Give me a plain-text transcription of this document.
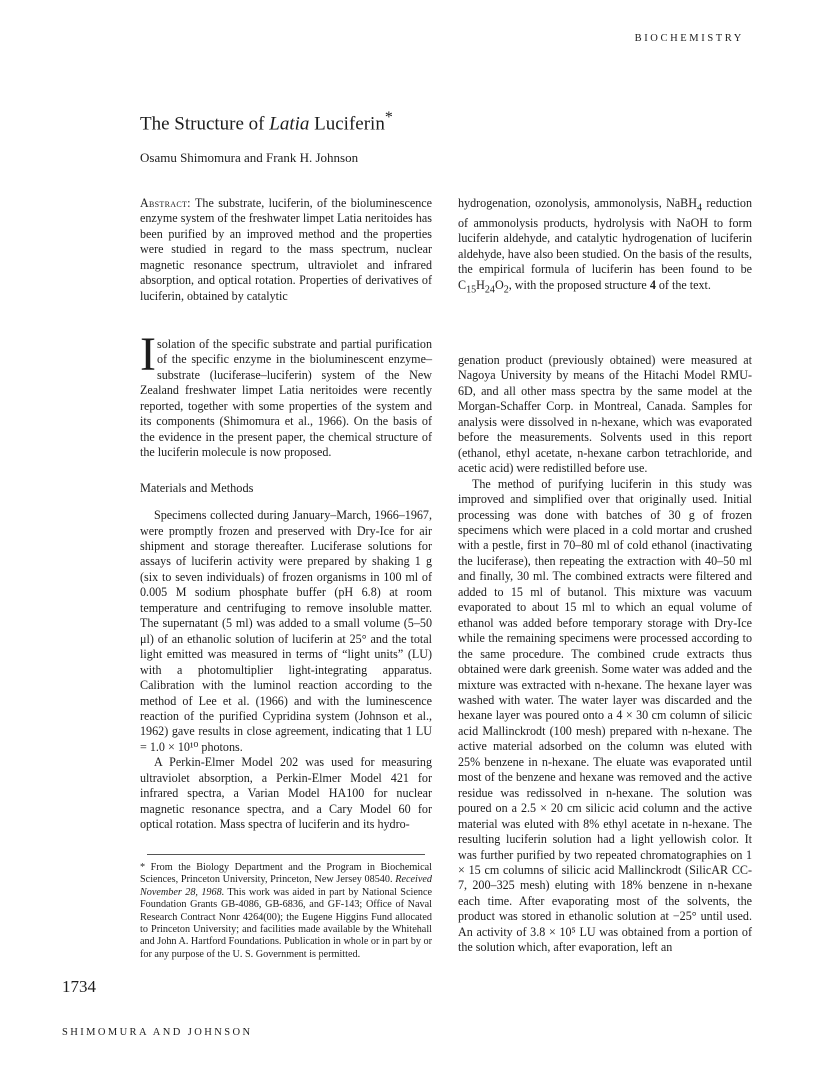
BIOCHEMISTRY
The Structure of Latia Luciferin*
Osamu Shimomura and Frank H. Johnson

Abstract: The substrate, luciferin, of the bioluminescence enzyme system of the freshwater limpet Latia neritoides has been purified by an improved method and the properties were studied in regard to the mass spectrum, nuclear magnetic resonance spectrum, ultraviolet and infrared absorption, and optical rotation. Properties of derivatives of luciferin, obtained by catalytic

hydrogenation, ozonolysis, ammonolysis, NaBH$_4$ reduction of ammonolysis products, hydrolysis with NaOH to form luciferin aldehyde, and catalytic hydrogenation of luciferin aldehyde, have also been studied. On the basis of the results, the empirical formula of luciferin has been found to be $C_{15}H_{24}O_2$, with the proposed structure 4 of the text.

Isolation of the specific substrate and partial purification of the specific enzyme in the bioluminescent enzyme–substrate (luciferase–luciferin) system of the New Zealand freshwater limpet Latia neritoides were recently reported, together with some properties of the system and its components (Shimomura et al., 1966). On the basis of the evidence in the present paper, the chemical structure of the luciferin molecule is now proposed.

Materials and Methods

Specimens collected during January–March, 1966–1967, were promptly frozen and preserved with Dry-Ice for air shipment and storage thereafter. Luciferase solutions for assays of luciferin activity were prepared by shaking 1 g (six to seven individuals) of frozen organisms in 100 ml of 0.005 M sodium phosphate buffer (pH 6.8) at room temperature and centrifuging to remove insoluble matter. The supernatant (5 ml) was added to a small volume (5–50 μl) of an ethanolic solution of luciferin at 25° and the total light emitted was measured in terms of “light units” (LU) with a photomultiplier light-integrating apparatus. Calibration with the luminol reaction according to the method of Lee et al. (1966) and with the luminescence reaction of the purified Cypridina system (Johnson et al., 1962) gave results in close agreement, indicating that 1 LU = 1.0 × 10¹⁰ photons.

A Perkin-Elmer Model 202 was used for measuring ultraviolet absorption, a Perkin-Elmer Model 421 for infrared spectra, a Varian Model HA100 for nuclear magnetic resonance spectra, and a Cary Model 60 for optical rotation. Mass spectra of luciferin and its hydro-

genation product (previously obtained) were measured at Nagoya University by means of the Hitachi Model RMU-6D, and all other mass spectra by the same model at the Morgan-Schaffer Corp. in Montreal, Canada. Samples for analysis were dissolved in n-hexane, which was evaporated before the measurements. Solvents used in this report (ethanol, ethyl acetate, n-hexane carbon tetrachloride, and acetic acid) were redistilled before use.

The method of purifying luciferin in this study was improved and simplified over that originally used. Initial processing was done with batches of 30 g of frozen specimens which were placed in a cold mortar and crushed with a pestle, first in 70–80 ml of cold ethanol (inactivating the luciferase), then repeating the extraction with 40–50 ml and finally, 30 ml. The combined extracts were filtered and added to 15 ml of butanol. This mixture was vacuum evaporated to about 15 ml to which an equal volume of ethanol was added before temporary storage with Dry-Ice while the remaining specimens were processed according to the same procedure. The combined crude extracts thus obtained were dark greenish. Some water was added and the mixture was extracted with n-hexane. The hexane layer was washed with water. The water layer was discarded and the hexane layer was poured onto a 4 × 30 cm column of silicic acid Mallinckrodt (100 mesh) prepared with n-hexane. The active material adsorbed on the column was eluted with 25% benzene in n-hexane. The eluate was evaporated until most of the benzene and hexane was removed and the active residue was redissolved in n-hexane. The solution was poured on a 2.5 × 20 cm silicic acid column and the active material was eluted with 8% ethyl acetate in n-hexane. The resulting luciferin solution had a light yellowish color. It was further purified by two repeated chromatographies on 1 × 15 cm columns of silicic acid Mallinckrodt (SilicAR CC-7, 200–325 mesh) eluting with 18% benzene in n-hexane each time. After evaporating most of the solvents, the product was stored in ethanolic solution at −25° until used. An activity of 3.8 × 10⁵ LU was obtained from a portion of the solution which, after evaporation, left an

* From the Biology Department and the Program in Biochemical Sciences, Princeton University, Princeton, New Jersey 08540. Received November 28, 1968. This work was aided in part by National Science Foundation Grants GB-4086, GB-6836, and GF-143; Office of Naval Research Contract Nonr 4264(00); the Eugene Higgins Fund allocated to Princeton University; and facilities made available by the Whitehall and John A. Hartford Foundations. Publication in whole or in part by or for any purpose of the U. S. Government is permitted.

1734
SHIMOMURA AND JOHNSON
